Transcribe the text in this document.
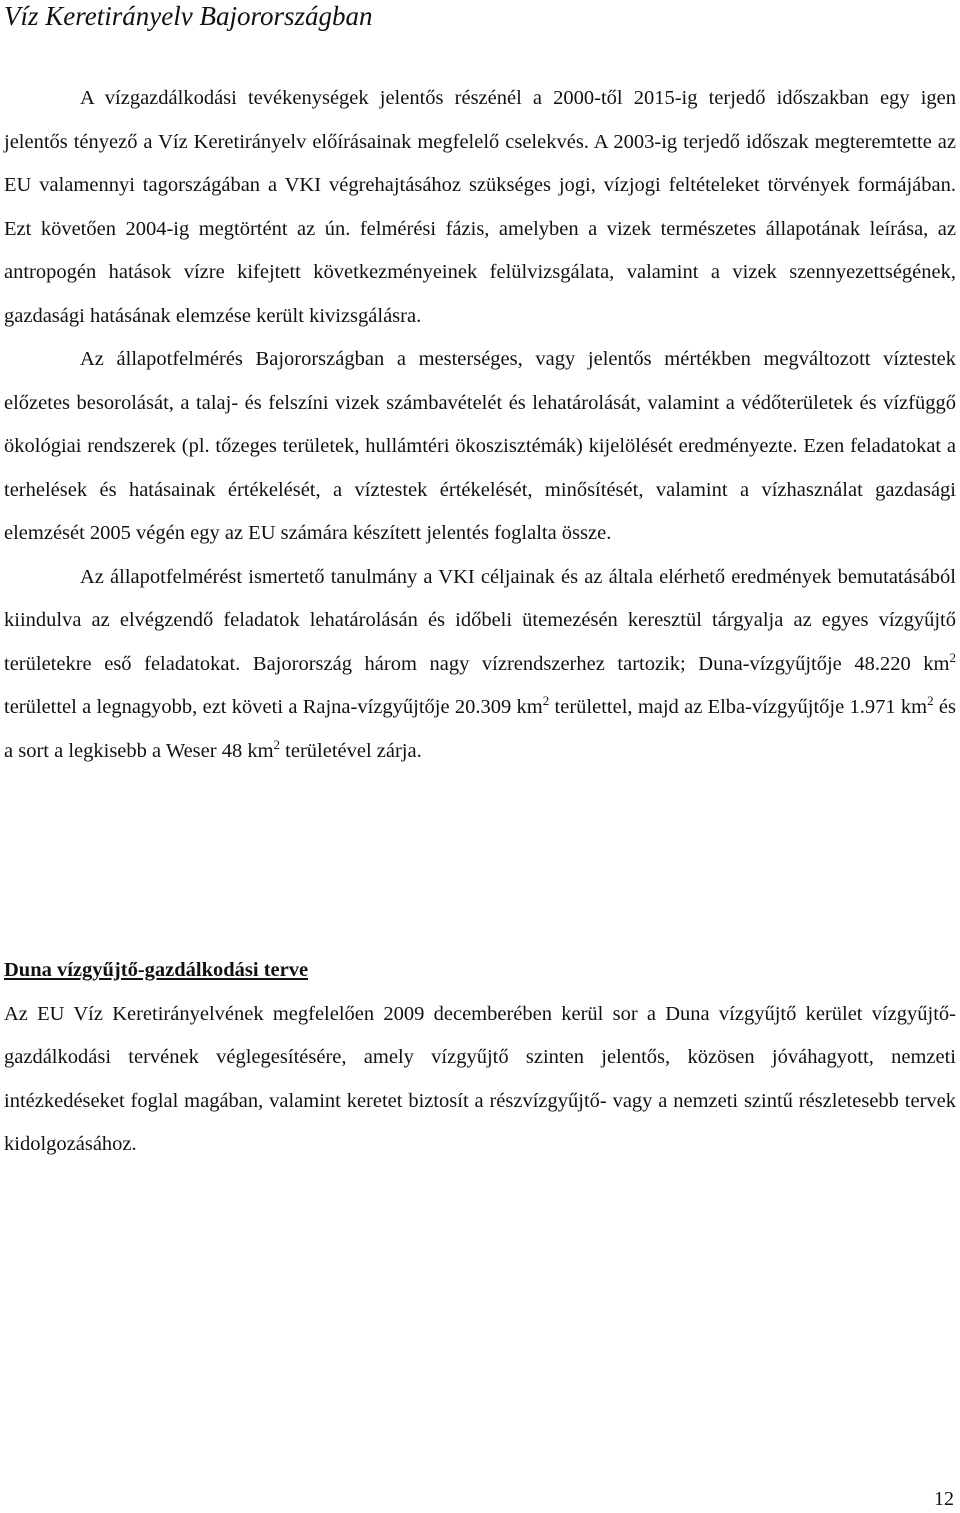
Víz Keretirányelv Bajorországban

A vízgazdálkodási tevékenységek jelentős részénél a 2000-től 2015-ig terjedő időszakban egy igen jelentős tényező a Víz Keretirányelv előírásainak megfelelő cselekvés. A 2003-ig terjedő időszak megteremtette az EU valamennyi tagországában a VKI végrehajtásához szükséges jogi, vízjogi feltételeket törvények formájában. Ezt követően 2004-ig megtörtént az ún. felmérési fázis, amelyben a vizek természetes állapotának leírása, az antropogén hatások vízre kifejtett következményeinek felülvizsgálata, valamint a vizek szennyezettségének, gazdasági hatásának elemzése került kivizsgálásra.

Az állapotfelmérés Bajorországban a mesterséges, vagy jelentős mértékben megváltozott víztestek előzetes besorolását, a talaj- és felszíni vizek számbavételét és lehatárolását, valamint a védőterületek és vízfüggő ökológiai rendszerek (pl. tőzeges területek, hullámtéri ökoszisztémák) kijelölését eredményezte. Ezen feladatokat a terhelések és hatásainak értékelését, a víztestek értékelését, minősítését, valamint a vízhasználat gazdasági elemzését 2005 végén egy az EU számára készített jelentés foglalta össze.

Az állapotfelmérést ismertető tanulmány a VKI céljainak és az általa elérhető eredmények bemutatásából kiindulva az elvégzendő feladatok lehatárolásán és időbeli ütemezésén keresztül tárgyalja az egyes vízgyűjtő területekre eső feladatokat. Bajorország három nagy vízrendszerhez tartozik; Duna-vízgyűjtője 48.220 $km^2$ területtel a legnagyobb, ezt követi a Rajna-vízgyűjtője 20.309 $km^2$ területtel, majd az Elba-vízgyűjtője 1.971 $km^2$ és a sort a legkisebb a Weser 48 $km^2$ területével zárja.

Duna vízgyűjtő-gazdálkodási terve

Az EU Víz Keretirányelvének megfelelően 2009 decemberében kerül sor a Duna vízgyűjtő kerület vízgyűjtő-gazdálkodási tervének véglegesítésére, amely vízgyűjtő szinten jelentős, közösen jóváhagyott, nemzeti intézkedéseket foglal magában, valamint keretet biztosít a részvízgyűjtő- vagy a nemzeti szintű részletesebb tervek kidolgozásához.

12
